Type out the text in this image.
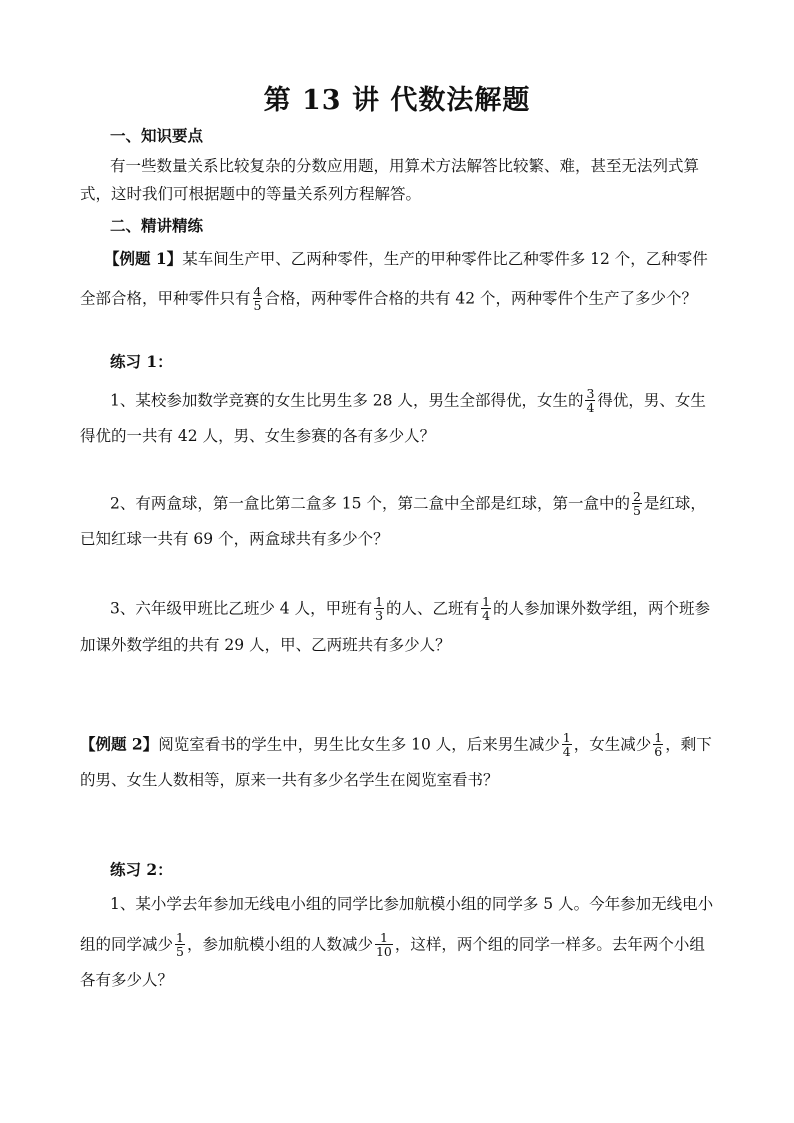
第 13 讲 代数法解题
一、知识要点
有一些数量关系比较复杂的分数应用题，用算术方法解答比较繁、难，甚至无法列式算
式，这时我们可根据题中的等量关系列方程解答。
二、精讲精练
【例题 1】某车间生产甲、乙两种零件，生产的甲种零件比乙种零件多 12 个，乙种零件
全部合格，甲种零件只有 $\frac{4}{5}$ 合格，两种零件合格的共有 42 个，两种零件个生产了多少个？
练习 1：
1、某校参加数学竞赛的女生比男生多 28 人，男生全部得优，女生的 $\frac{3}{4}$ 得优，男、女生
得优的一共有 42 人，男、女生参赛的各有多少人？
2、有两盒球，第一盒比第二盒多 15 个，第二盒中全部是红球，第一盒中的 $\frac{2}{5}$ 是红球，
已知红球一共有 69 个，两盒球共有多少个？
3、六年级甲班比乙班少 4 人，甲班有 $\frac{1}{3}$ 的人、乙班有 $\frac{1}{4}$ 的人参加课外数学组，两个班参
加课外数学组的共有 29 人，甲、乙两班共有多少人？
【例题 2】阅览室看书的学生中，男生比女生多 10 人，后来男生减少 $\frac{1}{4}$ ，女生减少 $\frac{1}{6}$ ，剩下
的男、女生人数相等，原来一共有多少名学生在阅览室看书？
练习 2：
1、某小学去年参加无线电小组的同学比参加航模小组的同学多 5 人。今年参加无线电小
组的同学减少 $\frac{1}{5}$ ，参加航模小组的人数减少 $\frac{1}{10}$ ，这样，两个组的同学一样多。去年两个小组
各有多少人？
